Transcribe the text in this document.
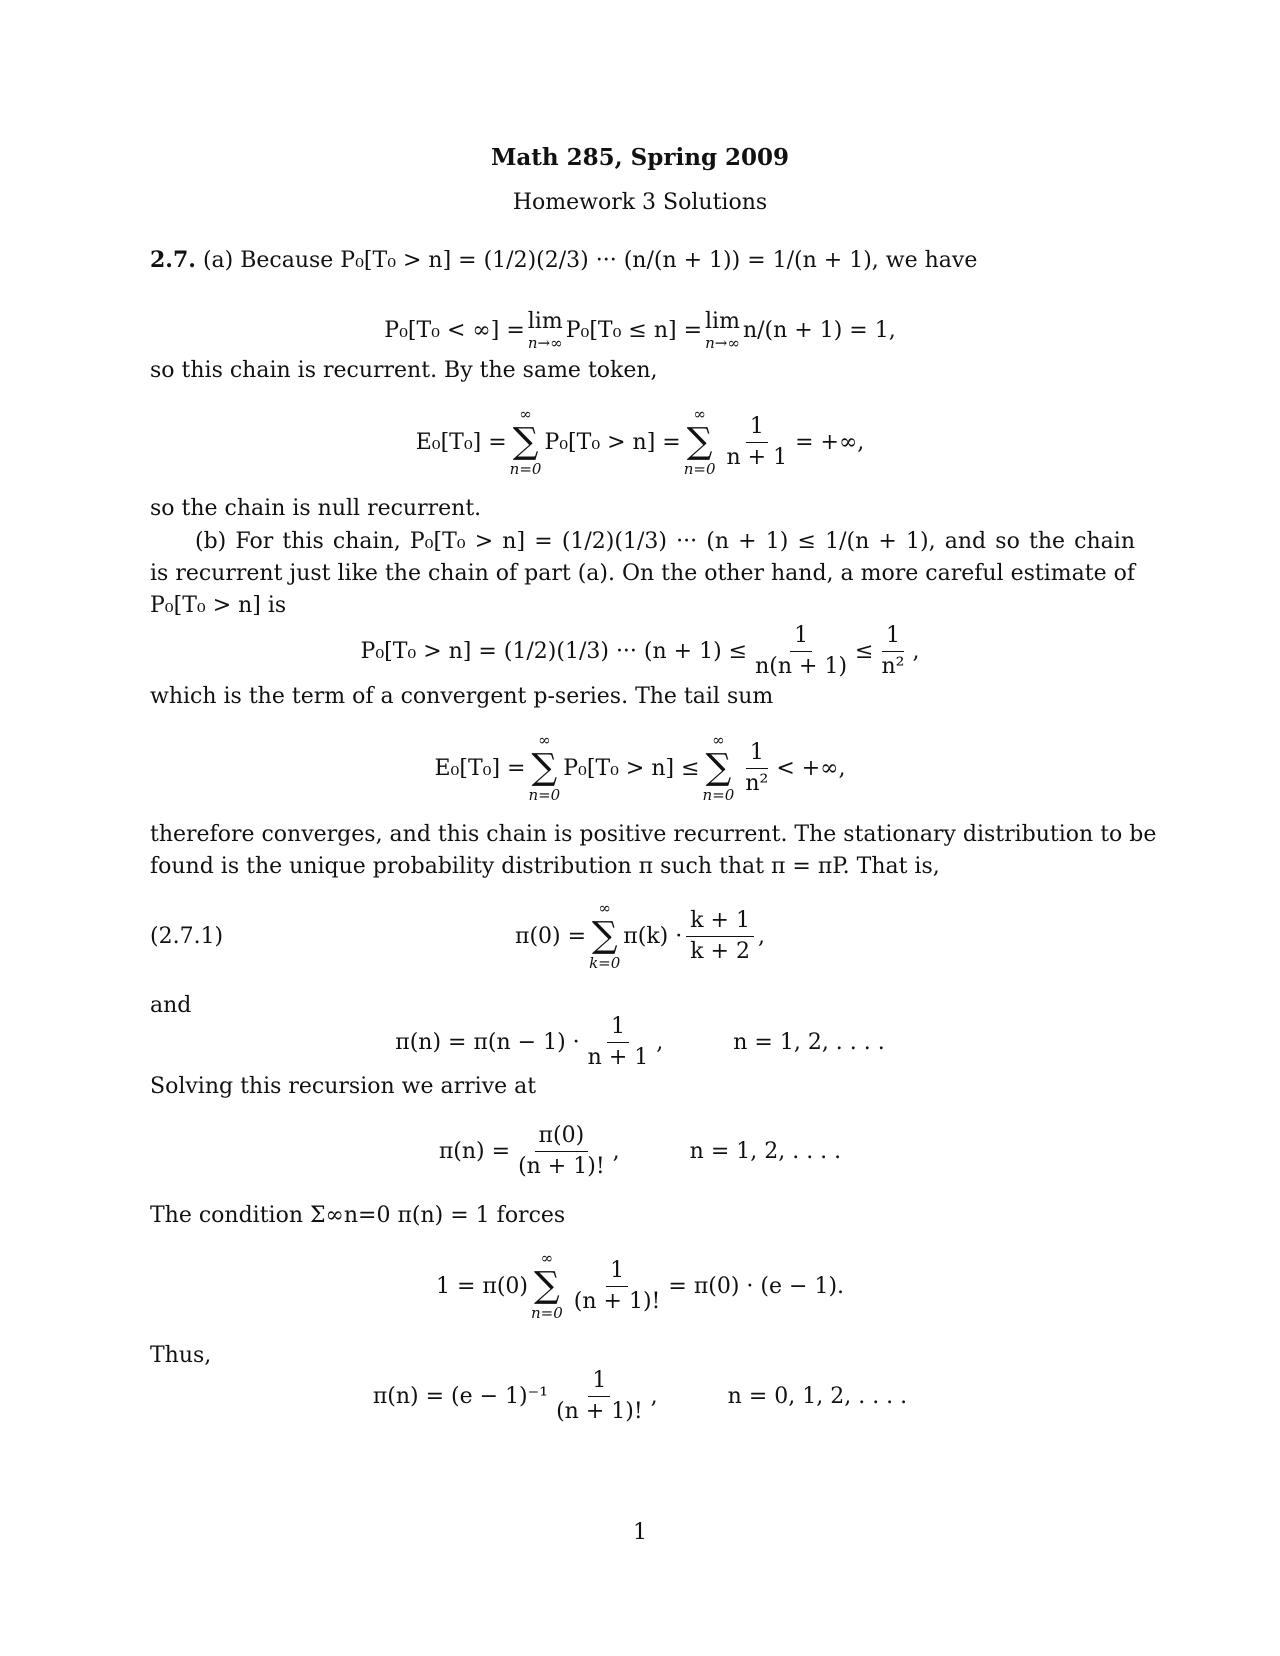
Math 285, Spring 2009
Homework 3 Solutions
2.7. (a) Because P₀[T₀ > n] = (1/2)(2/3) ··· (n/(n + 1)) = 1/(n + 1), we have
P₀[T₀ < ∞] = lim
n→∞ P₀[T₀ ≤ n] = lim
n→∞ n/(n + 1) = 1,
so this chain is recurrent. By the same token,
E₀[T₀] =
∞
∑
n=0
P₀[T₀ > n] =
∞
∑
$n=0 \frac{1}{n + 1}$ = +∞,
so the chain is null recurrent.
(b) For this chain, P₀[T₀ > n] = (1/2)(1/3) ··· (n + 1) ≤ 1/(n + 1), and so the chain
is recurrent just like the chain of part (a). On the other hand, a more careful estimate of
P₀[T₀ > n] is
P₀[T₀ > n] = (1/2)(1/3) ··· $(n + 1) \le \frac{1}{n(n + 1)} \le \frac{1}{\text{n²}}$ ,
which is the term of a convergent p-series. The tail sum
E₀[T₀] =
∞
∑
n=0
P₀[T₀ > n] ≤
∞
∑
$n=0 \frac{1}{\text{n²}}$ < +∞,
therefore converges, and this chain is positive recurrent. The stationary distribution to be
found is the unique probability distribution π such that π = πP. That is,
(2.7.1)	π(0) =
∞
∑
k=0
$\pi(k) \cdot \frac{k + 1}{k + 2}$ ,
and
$\pi(n) = \pi(n - 1) \cdot \frac{1}{n + 1}$ ,	n = 1, 2, . . . .
Solving this recursion we arrive at
$\pi(n) = \frac{\pi(0)}{(n + 1)!}$ ,	n = 1, 2, . . . .
The condition Σ∞n=0 π(n) = 1 forces
1 = π(0)
∞
∑
$n=0 \frac{1}{(n + 1)!} = \pi(0) \cdot (e - 1)$.
Thus,
$\pi(n) = (e - 1)^{-1} \frac{1}{(n + 1)!}$ ,	n = 0, 1, 2, . . . .
1
